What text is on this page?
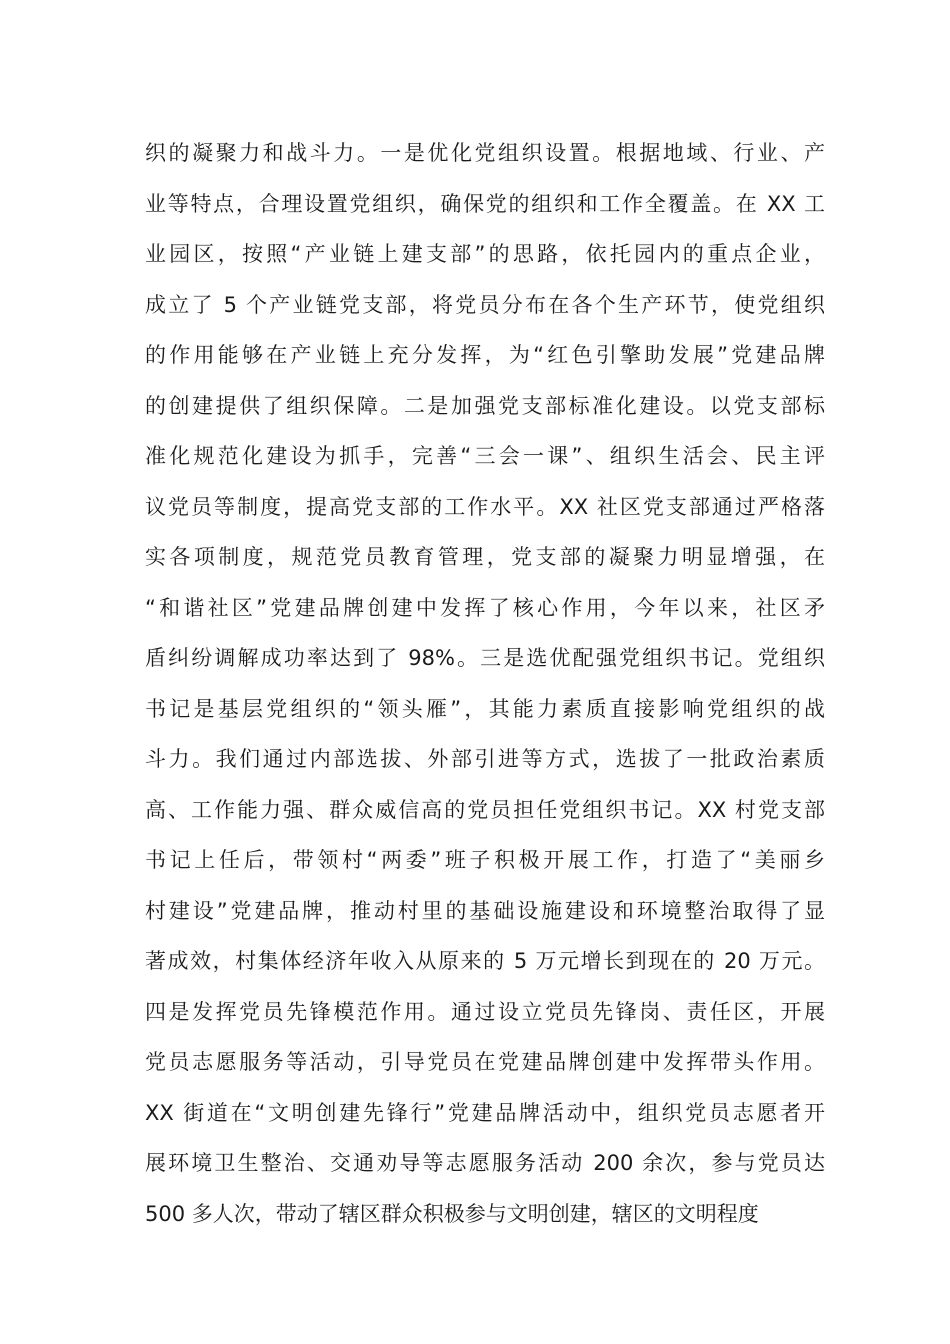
织的凝聚力和战斗力。一是优化党组织设置。根据地域、行业、产
业等特点，合理设置党组织，确保党的组织和工作全覆盖。在 XX 工
业园区，按照“产业链上建支部”的思路，依托园内的重点企业，
成立了 5 个产业链党支部，将党员分布在各个生产环节，使党组织
的作用能够在产业链上充分发挥，为“红色引擎助发展”党建品牌
的创建提供了组织保障。二是加强党支部标准化建设。以党支部标
准化规范化建设为抓手，完善“三会一课”、组织生活会、民主评
议党员等制度，提高党支部的工作水平。XX 社区党支部通过严格落
实各项制度，规范党员教育管理，党支部的凝聚力明显增强，在
“和谐社区”党建品牌创建中发挥了核心作用，今年以来，社区矛
盾纠纷调解成功率达到了 98%。三是选优配强党组织书记。党组织
书记是基层党组织的“领头雁”，其能力素质直接影响党组织的战
斗力。我们通过内部选拔、外部引进等方式，选拔了一批政治素质
高、工作能力强、群众威信高的党员担任党组织书记。XX 村党支部
书记上任后，带领村“两委”班子积极开展工作，打造了“美丽乡
村建设”党建品牌，推动村里的基础设施建设和环境整治取得了显
著成效，村集体经济年收入从原来的 5 万元增长到现在的 20 万元。
四是发挥党员先锋模范作用。通过设立党员先锋岗、责任区，开展
党员志愿服务等活动，引导党员在党建品牌创建中发挥带头作用。
XX 街道在“文明创建先锋行”党建品牌活动中，组织党员志愿者开
展环境卫生整治、交通劝导等志愿服务活动 200 余次，参与党员达
500 多人次，带动了辖区群众积极参与文明创建，辖区的文明程度
